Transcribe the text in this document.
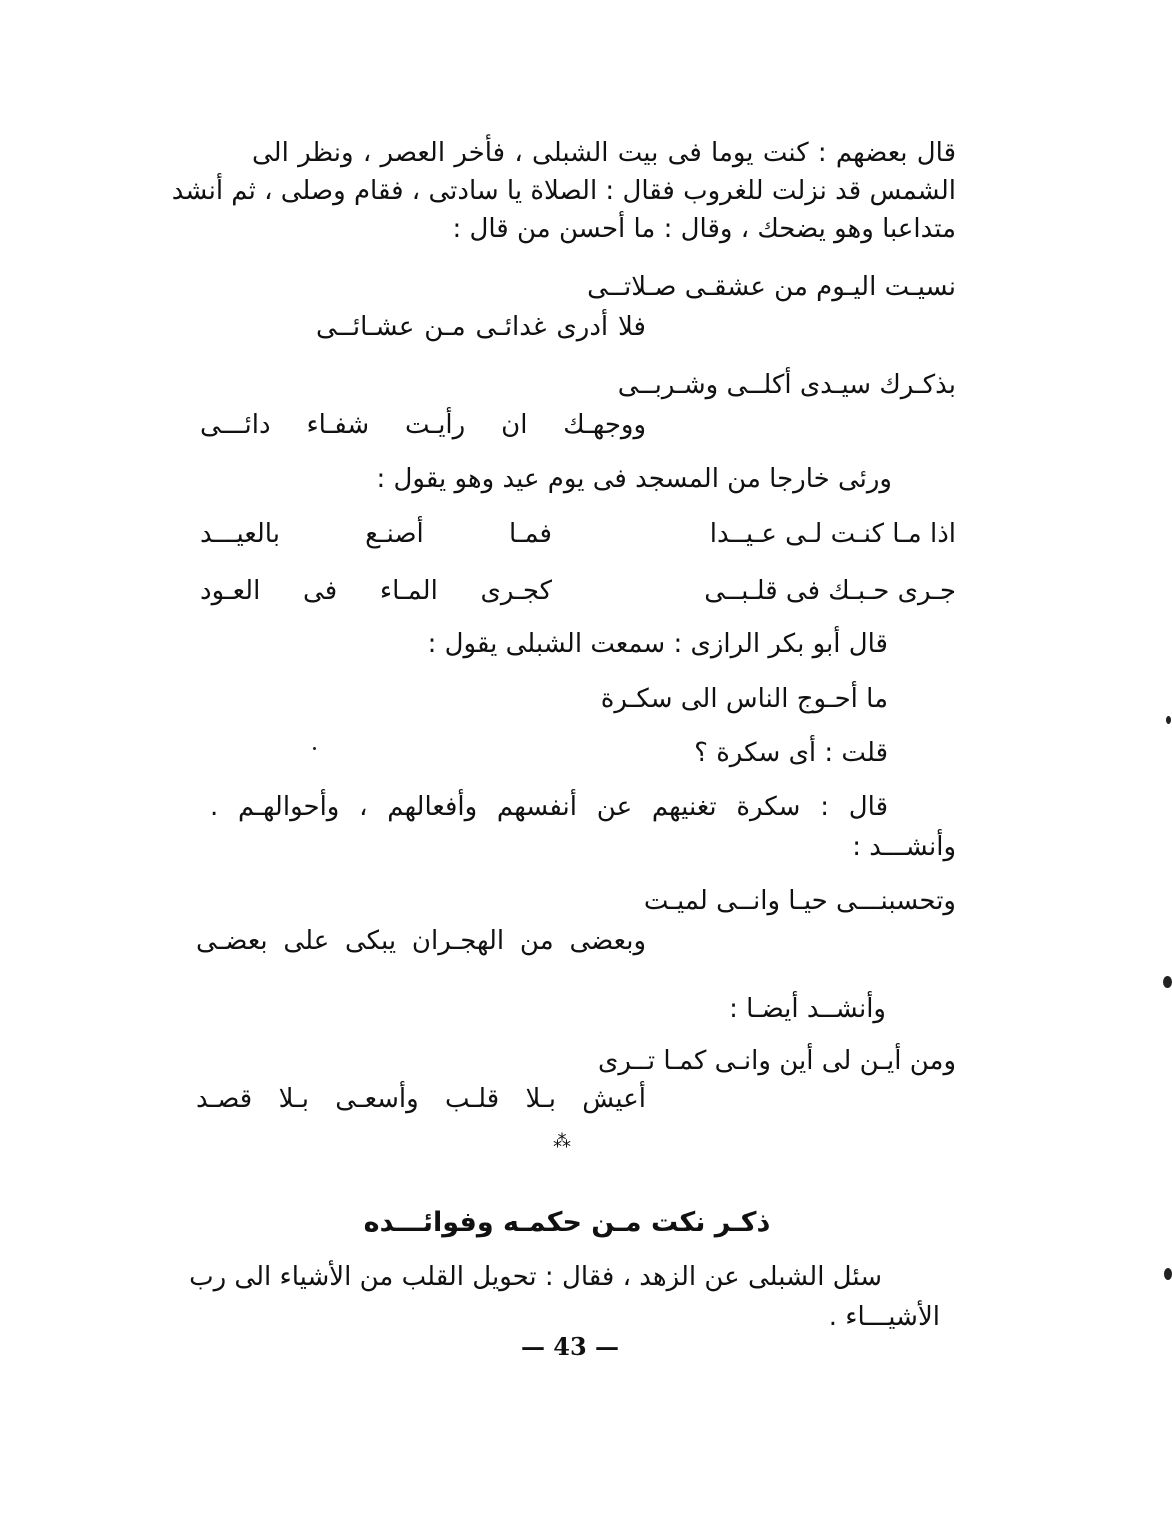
قال بعضهم : كنت يوما فى بيت الشبلى ، فأخر العصر ، ونظر الى
الشمس قد نزلت للغروب فقال : الصلاة يا سادتى ، فقام وصلى ، ثم أنشد
متداعبا وهو يضحك ، وقال : ما أحسن من قال :
نسيـت اليـوم من عشقـى صـلاتــى
فلا أدرى غدائـى مـن عشـائــى
بذكـرك سيـدى أكلــى وشـربــى
ووجهـك ان رأيـت شفـاء دائـــى
ورئى خارجا من المسجد فى يوم عيد وهو يقول :
اذا مـا كنـت لـى عـيــدا
فمـا أصنـع بالعيـــد
جـرى حـبـك فى قلـبــى
كجـرى المـاء فى العـود
قال أبو بكر الرازى : سمعت الشبلى يقول :
ما أحـوج الناس الى سكـرة
قلت : أى سكرة ؟
قال : سكرة تغنيهم عن أنفسهم وأفعالهم ، وأحوالهـم .
وأنشـــد :
وتحسبنـــى حيـا وانــى لميـت
وبعضى من الهجـران يبكى على بعضـى
وأنشــد أيضـا :
ومن أيـن لى أين وانـى كمـا تــرى
أعيش بـلا قلـب وأسعـى بـلا قصـد
⁂
ذكـر نكت مـن حكمـه وفوائـــده
سئل الشبلى عن الزهد ، فقال : تحويل القلب من الأشياء الى رب
الأشيـــاء .
— 43 —
